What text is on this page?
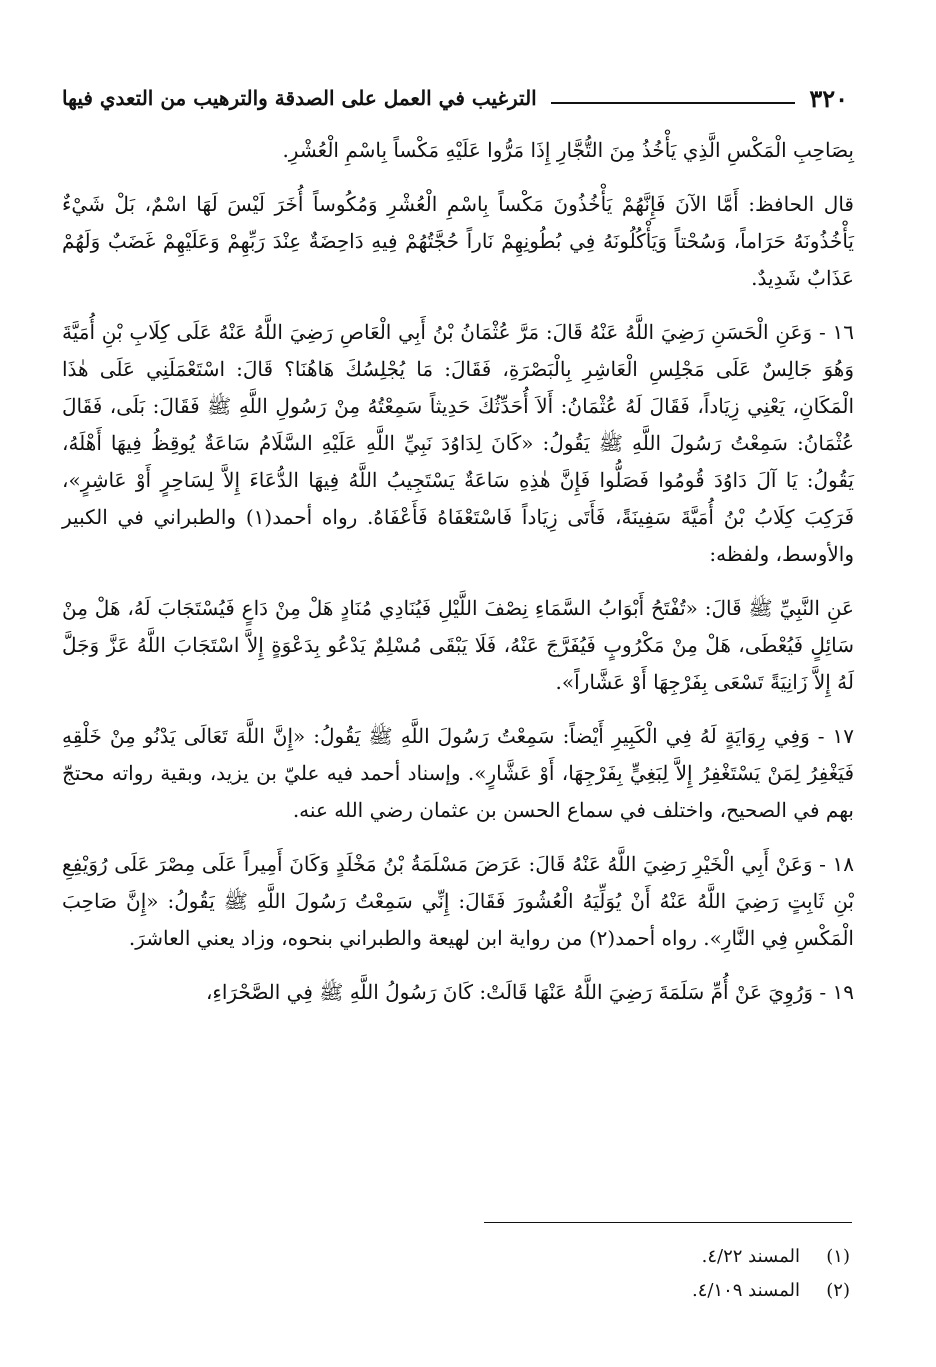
٣٢٠
الترغيب في العمل على الصدقة والترهيب من التعدي فيها

بِصَاحِبِ الْمَكْسِ الَّذِي يَأْخُذُ مِنَ التُّجَّارِ إِذَا مَرُّوا عَلَيْهِ مَكْساً بِاسْمِ الْعُشْرِ.

قال الحافظ: أَمَّا الآنَ فَإِنَّهُمْ يَأْخُذُونَ مَكْساً بِاسْمِ الْعُشْرِ وَمُكُوساً أُخَرَ لَيْسَ لَهَا اسْمٌ، بَلْ شَيْءٌ يَأْخُذُونَهُ حَرَاماً، وَسُحْتاً وَيَأْكُلُونَهُ فِي بُطُونِهِمْ نَاراً حُجَّتُهُمْ فِيهِ دَاحِضَةٌ عِنْدَ رَبِّهِمْ وَعَلَيْهِمْ غَضَبٌ وَلَهُمْ عَذَابٌ شَدِيدٌ.

١٦ - وَعَنِ الْحَسَنِ رَضِيَ اللَّهُ عَنْهُ قَالَ: مَرَّ عُثْمَانُ بْنُ أَبِي الْعَاصِ رَضِيَ اللَّهُ عَنْهُ عَلَى كِلَابِ بْنِ أُمَيَّةَ وَهُوَ جَالِسٌ عَلَى مَجْلِسِ الْعَاشِرِ بِالْبَصْرَةِ، فَقَالَ: مَا يُجْلِسُكَ هَاهُنَا؟ قَالَ: اسْتَعْمَلَنِي عَلَى هٰذَا الْمَكَانِ، يَعْنِي زِيَاداً، فَقَالَ لَهُ عُثْمَانُ: أَلاَ أُحَدِّثُكَ حَدِيثاً سَمِعْتُهُ مِنْ رَسُولِ اللَّهِ ﷺ فَقَالَ: بَلَى، فَقَالَ عُثْمَانُ: سَمِعْتُ رَسُولَ اللَّهِ ﷺ يَقُولُ: «كَانَ لِدَاوُدَ نَبِيِّ اللَّهِ عَلَيْهِ السَّلَامُ سَاعَةٌ يُوقِظُ فِيهَا أَهْلَهُ، يَقُولُ: يَا آلَ دَاوُدَ قُومُوا فَصَلُّوا فَإِنَّ هٰذِهِ سَاعَةٌ يَسْتَجِيبُ اللَّهُ فِيهَا الدُّعَاءَ إِلاَّ لِسَاحِرٍ أَوْ عَاشِرٍ»، فَرَكِبَ كِلَابُ بْنُ أُمَيَّةَ سَفِينَةً، فَأَتَى زِيَاداً فَاسْتَعْفَاهُ فَأَعْفَاهُ. رواه أحمد(١) والطبراني في الكبير والأوسط، ولفظه:

عَنِ النَّبِيِّ ﷺ قَالَ: «تُفْتَحُ أَبْوَابُ السَّمَاءِ نِصْفَ اللَّيْلِ فَيُنَادِي مُنَادٍ هَلْ مِنْ دَاعٍ فَيُسْتَجَابَ لَهُ، هَلْ مِنْ سَائِلٍ فَيُعْطَى، هَلْ مِنْ مَكْرُوبٍ فَيُفَرَّجَ عَنْهُ، فَلَا يَبْقَى مُسْلِمٌ يَدْعُو بِدَعْوَةٍ إِلاَّ اسْتَجَابَ اللَّهُ عَزَّ وَجَلَّ لَهُ إِلاَّ زَانِيَةً تَسْعَى بِفَرْجِهَا أَوْ عَشَّاراً».

١٧ - وَفِي رِوَايَةٍ لَهُ فِي الْكَبِيرِ أَيْضاً: سَمِعْتُ رَسُولَ اللَّهِ ﷺ يَقُولُ: «إِنَّ اللَّهَ تَعَالَى يَدْنُو مِنْ خَلْقِهِ فَيَغْفِرُ لِمَنْ يَسْتَغْفِرُ إِلاَّ لِبَغِيٍّ بِفَرْجِهَا، أَوْ عَشَّارٍ». وإسناد أحمد فيه عليّ بن يزيد، وبقية رواته محتجّ بهم في الصحيح، واختلف في سماع الحسن بن عثمان رضي الله عنه.

١٨ - وَعَنْ أَبِي الْخَيْرِ رَضِيَ اللَّهُ عَنْهُ قَالَ: عَرَضَ مَسْلَمَةُ بْنُ مَخْلَدٍ وَكَانَ أَمِيراً عَلَى مِصْرَ عَلَى رُوَيْفِعِ بْنِ ثَابِتٍ رَضِيَ اللَّهُ عَنْهُ أَنْ يُوَلِّيَهُ الْعُشُورَ فَقَالَ: إِنِّي سَمِعْتُ رَسُولَ اللَّهِ ﷺ يَقُولُ: «إِنَّ صَاحِبَ الْمَكْسِ فِي النَّارِ». رواه أحمد(٢) من رواية ابن لهيعة والطبراني بنحوه، وزاد يعني العاشرَ.

١٩ - وَرُوِيَ عَنْ أُمِّ سَلَمَةَ رَضِيَ اللَّهُ عَنْهَا قَالَتْ: كَانَ رَسُولُ اللَّهِ ﷺ فِي الصَّحْرَاءِ،

(١)
المسند ٤/٢٢.
(٢)
المسند ٤/١٠٩.
